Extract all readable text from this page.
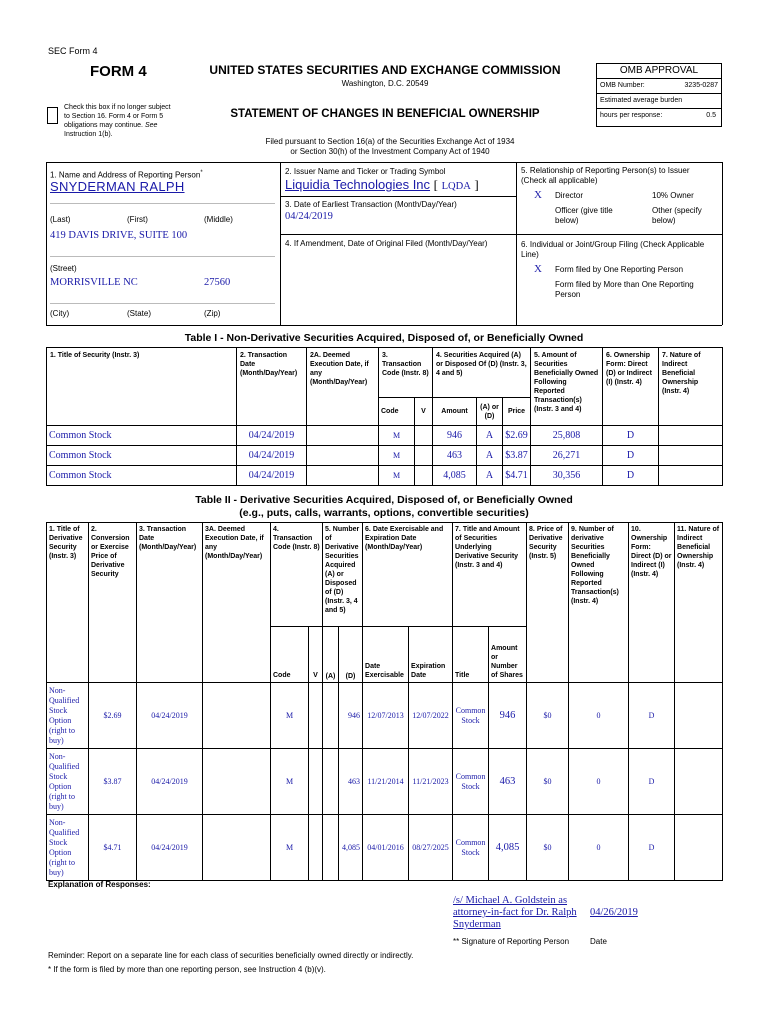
SEC Form 4
FORM 4	UNITED STATES SECURITIES AND EXCHANGE COMMISSION
Washington, D.C. 20549
Check this box if no longer subject
to Section 16. Form 4 or Form 5
obligations may continue. See
Instruction 1(b).
STATEMENT OF CHANGES IN BENEFICIAL OWNERSHIP
Filed pursuant to Section 16(a) of the Securities Exchange Act of 1934
or Section 30(h) of the Investment Company Act of 1940
OMB APPROVAL
OMB Number:	3235-0287
Estimated average burden
hours per response:	0.5
1. Name and Address of Reporting Person*
SNYDERMAN RALPH
(Last)	(First)	(Middle)
419 DAVIS DRIVE, SUITE 100
(Street)
MORRISVILLE NC	27560
(City)	(State)	(Zip)
2. Issuer Name and Ticker or Trading Symbol
Liquidia Technologies Inc [ LQDA ]
3. Date of Earliest Transaction (Month/Day/Year)
04/24/2019
4. If Amendment, Date of Original Filed (Month/Day/Year)
5. Relationship of Reporting Person(s) to Issuer
(Check all applicable)
X Director	10% Owner
Officer (give title
below)
Other (specify
below)
6. Individual or Joint/Group Filing (Check Applicable
Line)
X Form filed by One Reporting Person
Form filed by More than One Reporting
Person
Table I - Non-Derivative Securities Acquired, Disposed of, or Beneficially Owned
1. Title of Security (Instr. 3)	2. Transaction Date (Month/Day/Year)	2A. Deemed Execution Date, if any (Month/Day/Year)	3. Transaction Code (Instr. 8)		4. Securities Acquired (A) or Disposed Of (D) (Instr. 3, 4 and 5)			5. Amount of Securities Beneficially Owned Following Reported Transaction(s) (Instr. 3 and 4)	6. Ownership Form: Direct (D) or Indirect (I) (Instr. 4)	7. Nature of Indirect Beneficial Ownership (Instr. 4)
			Code	V	Amount	(A) or (D)	Price			
Common Stock	04/24/2019		M		946	A	$2.69	25,808	D	
Common Stock	04/24/2019		M		463	A	$3.87	26,271	D	
Common Stock	04/24/2019		M		4,085	A	$4.71	30,356	D	
Table II - Derivative Securities Acquired, Disposed of, or Beneficially Owned
(e.g., puts, calls, warrants, options, convertible securities)
1. Title of Derivative Security (Instr. 3)	2. Conversion or Exercise Price of Derivative Security	3. Transaction Date (Month/Day/Year)	3A. Deemed Execution Date, if any (Month/Day/Year)	4. Transaction Code (Instr. 8)		5. Number of Derivative Securities Acquired (A) or Disposed of (D) (Instr. 3, 4 and 5)		6. Date Exercisable and Expiration Date (Month/Day/Year)		7. Title and Amount of Securities Underlying Derivative Security (Instr. 3 and 4)		8. Price of Derivative Security (Instr. 5)	9. Number of derivative Securities Beneficially Owned Following Reported Transaction(s) (Instr. 4)	10. Ownership Form: Direct (D) or Indirect (I) (Instr. 4)	11. Nature of Indirect Beneficial Ownership (Instr. 4)
				Code	V	(A)	(D)	Date Exercisable	Expiration Date	Title	Amount or Number of Shares				
Non-Qualified Stock Option (right to buy)	$2.69	04/24/2019		M			946	12/07/2013	12/07/2022	Common Stock	946	$0	0	D	
Non-Qualified Stock Option (right to buy)	$3.87	04/24/2019		M			463	11/21/2014	11/21/2023	Common Stock	463	$0	0	D	
Non-Qualified Stock Option (right to buy)	$4.71	04/24/2019		M			4,085	04/01/2016	08/27/2025	Common Stock	4,085	$0	0	D	
Explanation of Responses:
/s/ Michael A. Goldstein as attorney-in-fact for Dr. Ralph Snyderman
04/26/2019
** Signature of Reporting Person	Date
Reminder: Report on a separate line for each class of securities beneficially owned directly or indirectly.
* If the form is filed by more than one reporting person, see Instruction 4 (b)(v).
